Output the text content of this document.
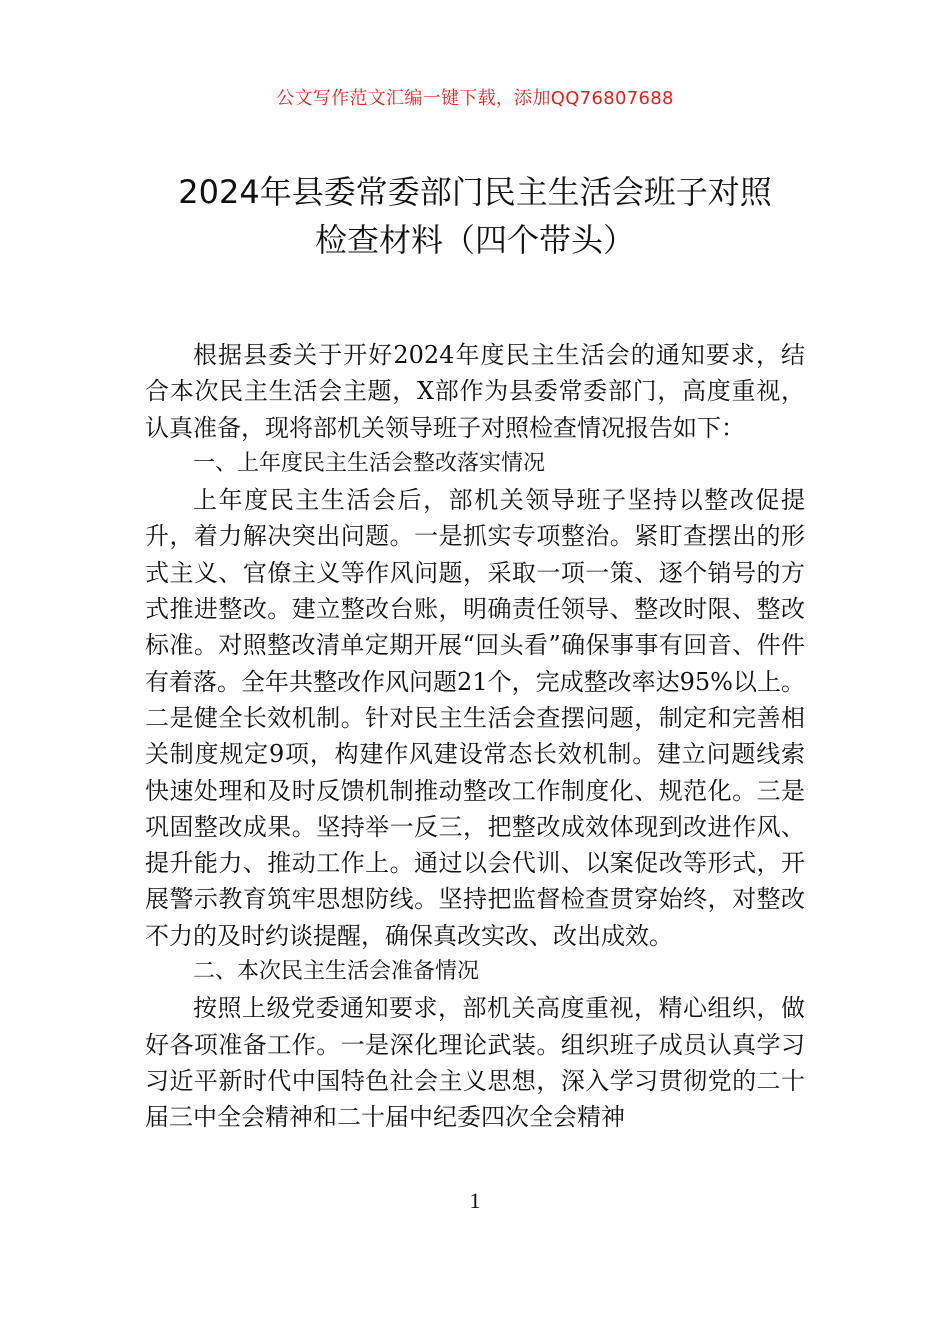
公文写作范文汇编一键下载，添加QQ76807688
2024年县委常委部门民主生活会班子对照
检查材料（四个带头）

根据县委关于开好2024年度民主生活会的通知要求，结合本次民主生活会主题，X部作为县委常委部门，高度重视，认真准备，现将部机关领导班子对照检查情况报告如下：

一、上年度民主生活会整改落实情况

上年度民主生活会后，部机关领导班子坚持以整改促提升，着力解决突出问题。一是抓实专项整治。紧盯查摆出的形式主义、官僚主义等作风问题，采取一项一策、逐个销号的方式推进整改。建立整改台账，明确责任领导、整改时限、整改标准。对照整改清单定期开展“回头看”确保事事有回音、件件有着落。全年共整改作风问题21个，完成整改率达95%以上。二是健全长效机制。针对民主生活会查摆问题，制定和完善相关制度规定9项，构建作风建设常态长效机制。建立问题线索快速处理和及时反馈机制推动整改工作制度化、规范化。三是巩固整改成果。坚持举一反三，把整改成效体现到改进作风、提升能力、推动工作上。通过以会代训、以案促改等形式，开展警示教育筑牢思想防线。坚持把监督检查贯穿始终，对整改不力的及时约谈提醒，确保真改实改、改出成效。

二、本次民主生活会准备情况

按照上级党委通知要求，部机关高度重视，精心组织，做好各项准备工作。一是深化理论武装。组织班子成员认真学习习近平新时代中国特色社会主义思想，深入学习贯彻党的二十届三中全会精神和二十届中纪委四次全会精神

1
